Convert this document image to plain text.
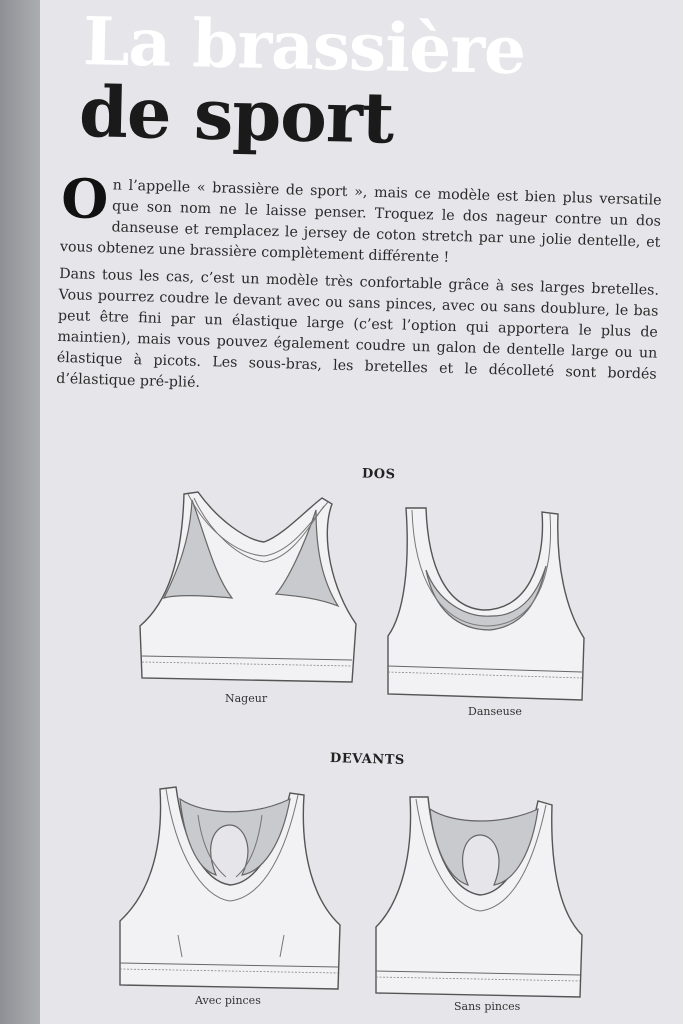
La brassière
de sport

O n l’appelle « brassière de sport », mais ce modèle est bien plus versatile que son nom ne le laisse penser. Troquez le dos nageur contre un dos danseuse et remplacez le jersey de coton stretch par une jolie dentelle, et vous obtenez une brassière complètement différente !

Dans tous les cas, c’est un modèle très confortable grâce à ses larges bretelles. Vous pourrez coudre le devant avec ou sans pinces, avec ou sans doublure, le bas peut être fini par un élastique large (c’est l’option qui apportera le plus de maintien), mais vous pouvez également coudre un galon de dentelle large ou un élastique à picots. Les sous-bras, les bretelles et le décolleté sont bordés d’élastique pré-plié.

DOS
Nageur
Danseuse
DEVANTS
Avec pinces	Sans pinces
